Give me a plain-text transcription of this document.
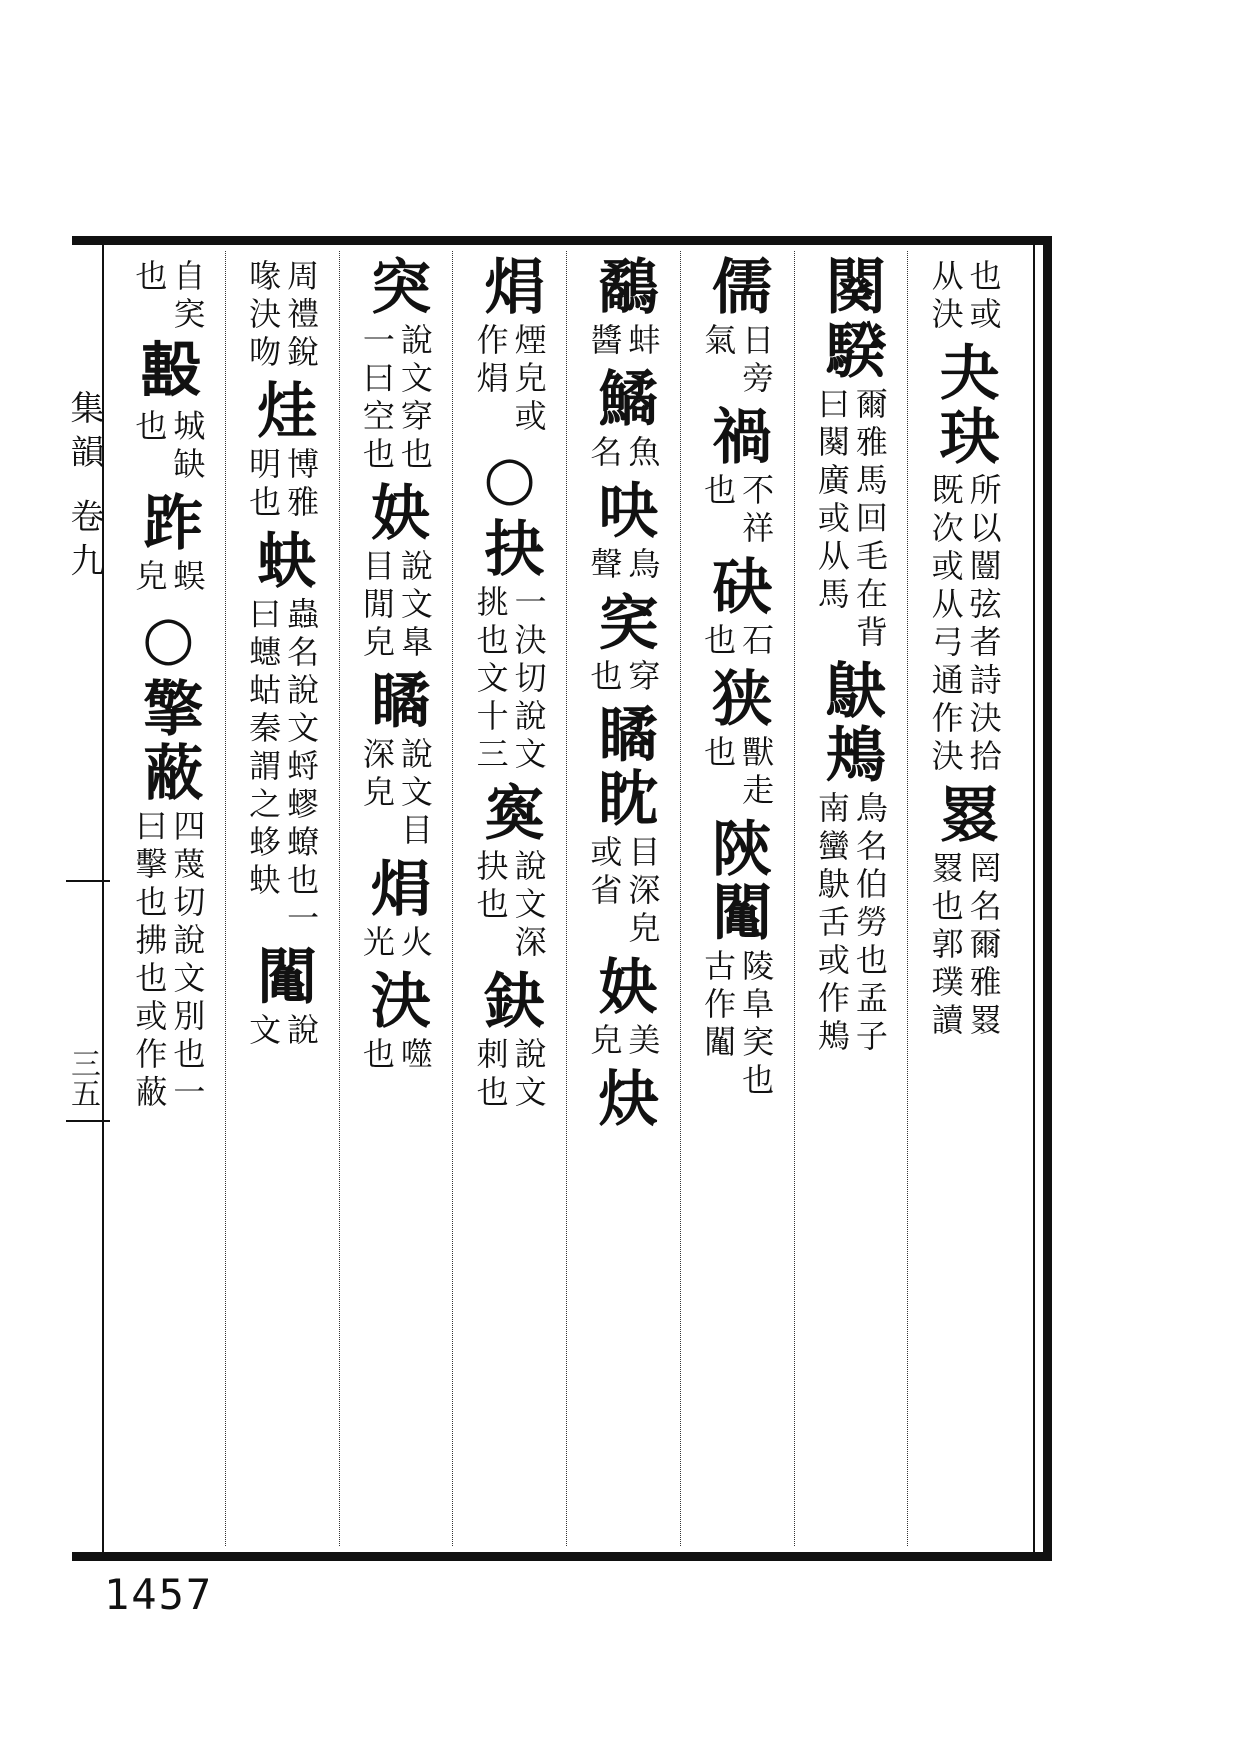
集韻 卷九
三五
也或
从決
夬玦
所以闓弦者詩決拾
既次或从弓通作決
罬
罔名爾雅罬
罬也郭璞讀
闋騤
爾雅馬回毛在背
曰闋廣或从馬
鴃鴂
鳥名伯勞也孟子
南蠻鴃舌或作鴂
儒
日旁
氣
禍
不祥
也
砄
石
也
狭
獸走
也
陝䦰
陵阜穾也
古作䦰
鷸
蚌
醬
鱊
魚
名
吷
鳥
聲
穾
穿
也
瞲眈
目深皃
或省
妜
美
皃
炔
焆
煙皃或
作焆
○抉
一決切說文
挑也文十三
寏
說文深
抉也
鈌
說文
刺也
突
說文穿也
一曰空也
妜
說文臯
目閒皃
瞲
說文目
深皃
焆
火
光
決
噬
也
周禮銳
喙決吻
烓
博雅
明也
蚗
蟲名說文蛶蟉蟟也一
曰蟪蛄秦謂之蛥蚗
䦰
說
文
自穾
也
𣪠
城缺
也
䟭
蜈
皃
○擎蔽
四蔑切說文別也一
曰擊也拂也或作蔽
1457
